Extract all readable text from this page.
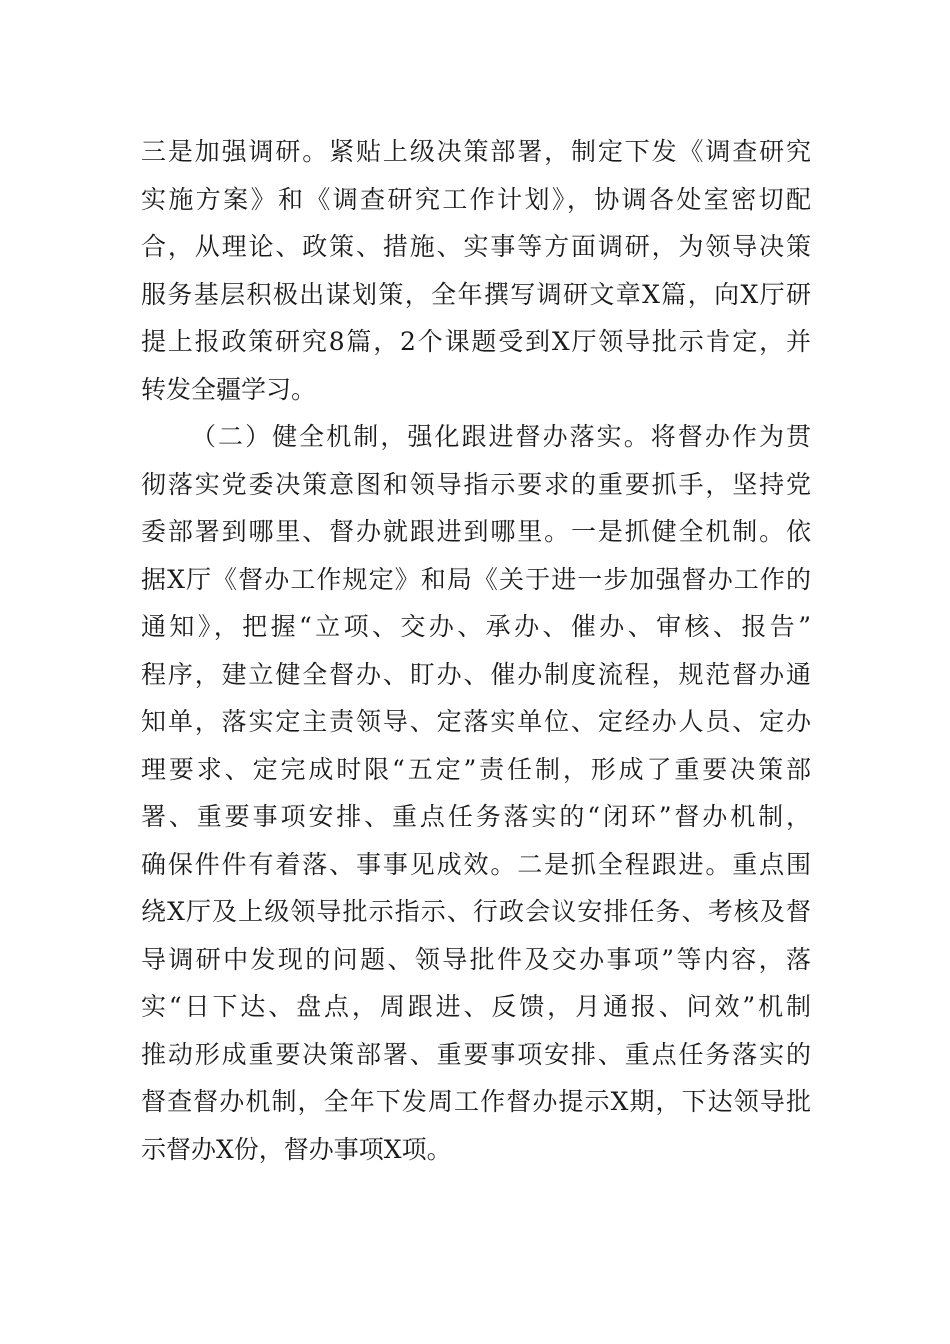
三是加强调研。紧贴上级决策部署，制定下发《调查研究
实施方案》和《调查研究工作计划》，协调各处室密切配
合，从理论、政策、措施、实事等方面调研，为领导决策
服务基层积极出谋划策，全年撰写调研文章X篇，向X厅研
提上报政策研究8篇，2个课题受到X厅领导批示肯定，并
转发全疆学习。
（二）健全机制，强化跟进督办落实。将督办作为贯
彻落实党委决策意图和领导指示要求的重要抓手，坚持党
委部署到哪里、督办就跟进到哪里。一是抓健全机制。依
据X厅《督办工作规定》和局《关于进一步加强督办工作的
通知》，把握“立项、交办、承办、催办、审核、报告”
程序，建立健全督办、盯办、催办制度流程，规范督办通
知单，落实定主责领导、定落实单位、定经办人员、定办
理要求、定完成时限“五定”责任制，形成了重要决策部
署、重要事项安排、重点任务落实的“闭环”督办机制，
确保件件有着落、事事见成效。二是抓全程跟进。重点围
绕X厅及上级领导批示指示、行政会议安排任务、考核及督
导调研中发现的问题、领导批件及交办事项”等内容，落
实“日下达、盘点，周跟进、反馈，月通报、问效”机制
推动形成重要决策部署、重要事项安排、重点任务落实的
督查督办机制，全年下发周工作督办提示X期，下达领导批
示督办X份，督办事项X项。
